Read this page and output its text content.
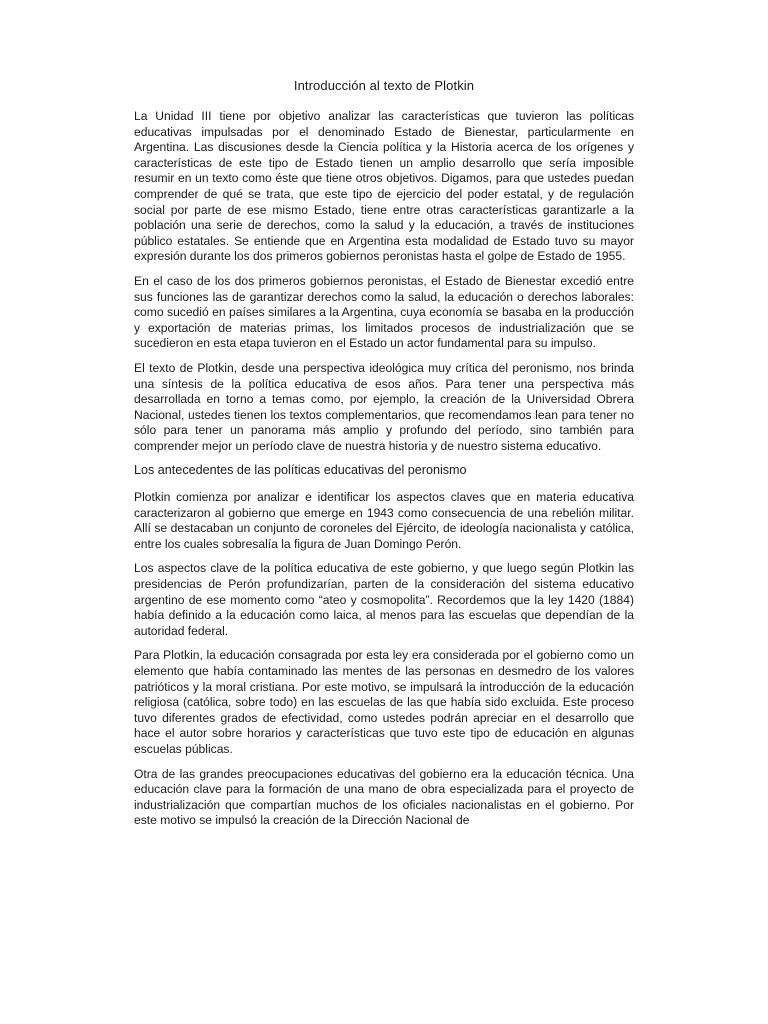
Introducción al texto de Plotkin

La Unidad III tiene por objetivo analizar las características que tuvieron las políticas educativas impulsadas por el denominado Estado de Bienestar, particularmente en Argentina. Las discusiones desde la Ciencia política y la Historia acerca de los orígenes y características de este tipo de Estado tienen un amplio desarrollo que sería imposible resumir en un texto como éste que tiene otros objetivos. Digamos, para que ustedes puedan comprender de qué se trata, que este tipo de ejercicio del poder estatal, y de regulación social por parte de ese mismo Estado, tiene entre otras características garantizarle a la población una serie de derechos, como la salud y la educación, a través de instituciones público estatales. Se entiende que en Argentina esta modalidad de Estado tuvo su mayor expresión durante los dos primeros gobiernos peronistas hasta el golpe de Estado de 1955.

En el caso de los dos primeros gobiernos peronistas, el Estado de Bienestar excedió entre sus funciones las de garantizar derechos como la salud, la educación o derechos laborales: como sucedió en países similares a la Argentina, cuya economía se basaba en la producción y exportación de materias primas, los limitados procesos de industrialización que se sucedieron en esta etapa tuvieron en el Estado un actor fundamental para su impulso.

El texto de Plotkin, desde una perspectiva ideológica muy crítica del peronismo, nos brinda una síntesis de la política educativa de esos años. Para tener una perspectiva más desarrollada en torno a temas como, por ejemplo, la creación de la Universidad Obrera Nacional, ustedes tienen los textos complementarios, que recomendamos lean para tener no sólo para tener un panorama más amplio y profundo del período, sino también para comprender mejor un período clave de nuestra historia y de nuestro sistema educativo.

Los antecedentes de las políticas educativas del peronismo

Plotkin comienza por analizar e identificar los aspectos claves que en materia educativa caracterizaron al gobierno que emerge en 1943 como consecuencia de una rebelión militar. Allí se destacaban un conjunto de coroneles del Ejército, de ideología nacionalista y católica, entre los cuales sobresalía la figura de Juan Domingo Perón.

Los aspectos clave de la política educativa de este gobierno, y que luego según Plotkin las presidencias de Perón profundizarían, parten de la consideración del sistema educativo argentino de ese momento como “ateo y cosmopolita”. Recordemos que la ley 1420 (1884) había definido a la educación como laica, al menos para las escuelas que dependían de la autoridad federal.

Para Plotkin, la educación consagrada por esta ley era considerada por el gobierno como un elemento que había contaminado las mentes de las personas en desmedro de los valores patrióticos y la moral cristiana. Por este motivo, se impulsará la introducción de la educación religiosa (católica, sobre todo) en las escuelas de las que había sido excluida. Este proceso tuvo diferentes grados de efectividad, como ustedes podrán apreciar en el desarrollo que hace el autor sobre horarios y características que tuvo este tipo de educación en algunas escuelas públicas.

Otra de las grandes preocupaciones educativas del gobierno era la educación técnica. Una educación clave para la formación de una mano de obra especializada para el proyecto de industrialización que compartían muchos de los oficiales nacionalistas en el gobierno. Por este motivo se impulsó la creación de la Dirección Nacional de
